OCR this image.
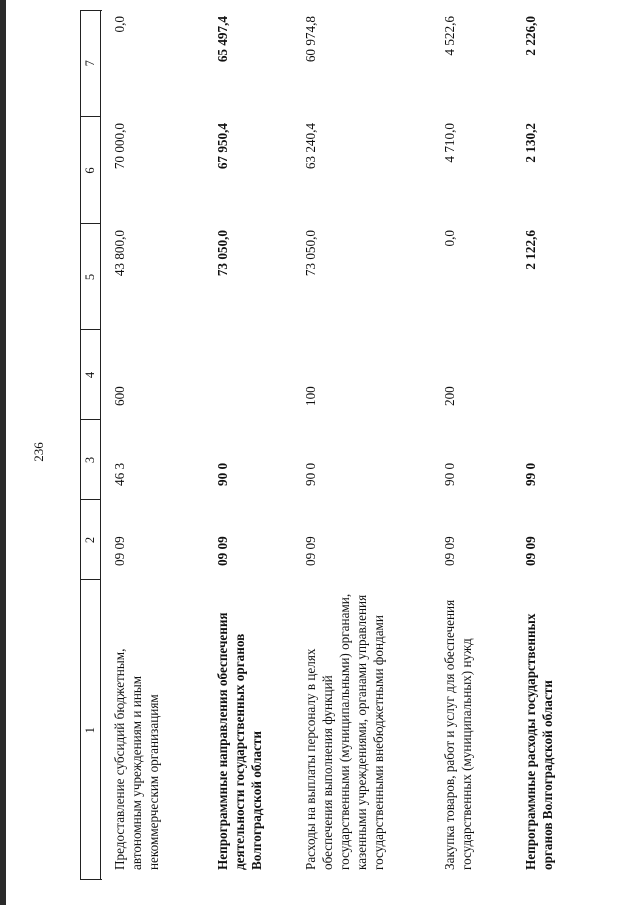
236
1	2	3	4	5	6	7
Предоставление субсидий бюджетным, автономным учреждениям и иным некоммерческим организациям	09 09	46 3	600	43 800,0	70 000,0	0,0
Непрограммные направления обеспечения деятельности государственных органов Волгоградской области	09 09	90 0		73 050,0	67 950,4	65 497,4
Расходы на выплаты персоналу в целях обеспечения выполнения функций государственными (муниципальными) органами, казенными учреждениями, органами управления государственными внебюджетными фондами	09 09	90 0	100	73 050,0	63 240,4	60 974,8
Закупка товаров, работ и услуг для обеспечения государственных (муниципальных) нужд	09 09	90 0	200	0,0	4 710,0	4 522,6
Непрограммные расходы государственных органов Волгоградской области	09 09	99 0		2 122,6	2 130,2	2 226,0
